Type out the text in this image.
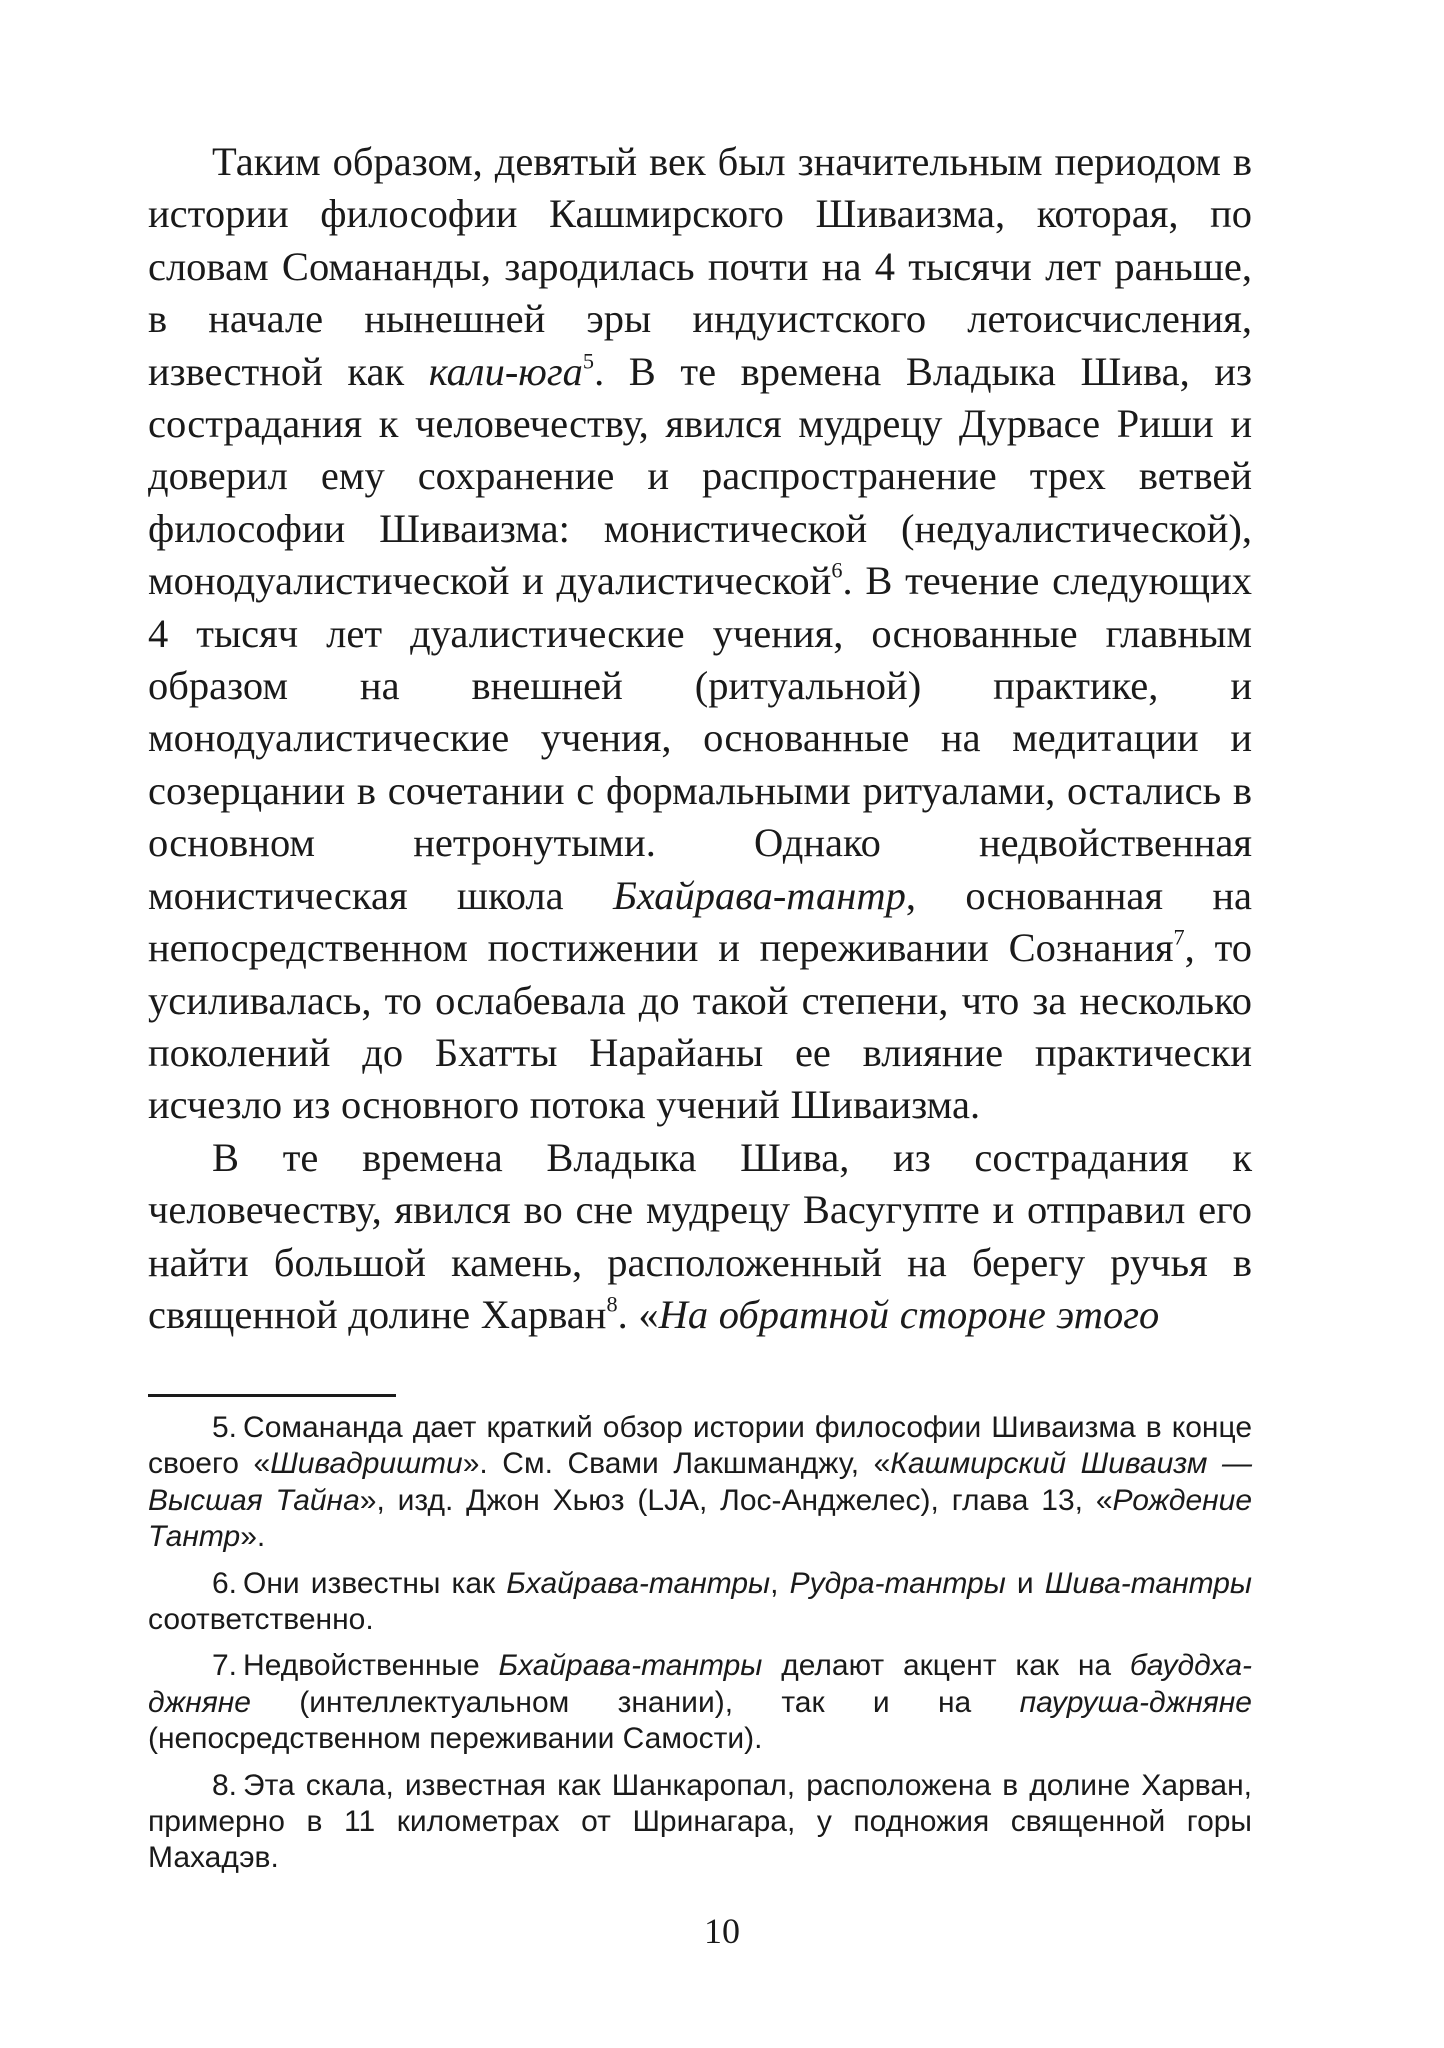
Таким образом, девятый век был значительным периодом в истории философии Кашмирского Шиваизма, которая, по словам Сомананды, зародилась почти на 4 тысячи лет раньше, в начале нынешней эры индуистского летоисчисления, известной как кали-юга$^5$. В те времена Владыка Шива, из сострадания к человечеству, явился мудрецу Дурвасе Риши и доверил ему сохранение и распространение трех ветвей философии Шиваизма: монистической (недуалистической), монодуалистической и дуалистической$^6$. В течение следующих 4 тысяч лет дуалистические учения, основанные главным образом на внешней (ритуальной) практике, и монодуалистические учения, основанные на медитации и созерцании в сочетании с формальными ритуалами, остались в основном нетронутыми. Однако недвойственная монистическая школа Бхайрава-тантр, основанная на непосредственном постижении и переживании Сознания$^7$, то усиливалась, то ослабевала до такой степени, что за несколько поколений до Бхатты Нарайаны ее влияние практически исчезло из основного потока учений Шиваизма.

В те времена Владыка Шива, из сострадания к человечеству, явился во сне мудрецу Васугупте и отправил его найти большой камень, расположенный на берегу ручья в священной долине Харван$^8$. «На обратной стороне этого

5. Сомананда дает краткий обзор истории философии Шиваизма в конце своего «Шивадришти». См. Свами Лакшманджу, «Кашмирский Шиваизм — Высшая Тайна», изд. Джон Хьюз (LJA, Лос-Анджелес), глава 13, «Рождение Тантр».

6. Они известны как Бхайрава-тантры, Рудра-тантры и Шива-тантры соответственно.

7. Недвойственные Бхайрава-тантры делают акцент как на бауддха-джняне (интеллектуальном знании), так и на пауруша-джняне (непосредственном переживании Самости).

8. Эта скала, известная как Шанкаропал, расположена в долине Харван, примерно в 11 километрах от Шринагара, у подножия священной горы Махадэв.

10
